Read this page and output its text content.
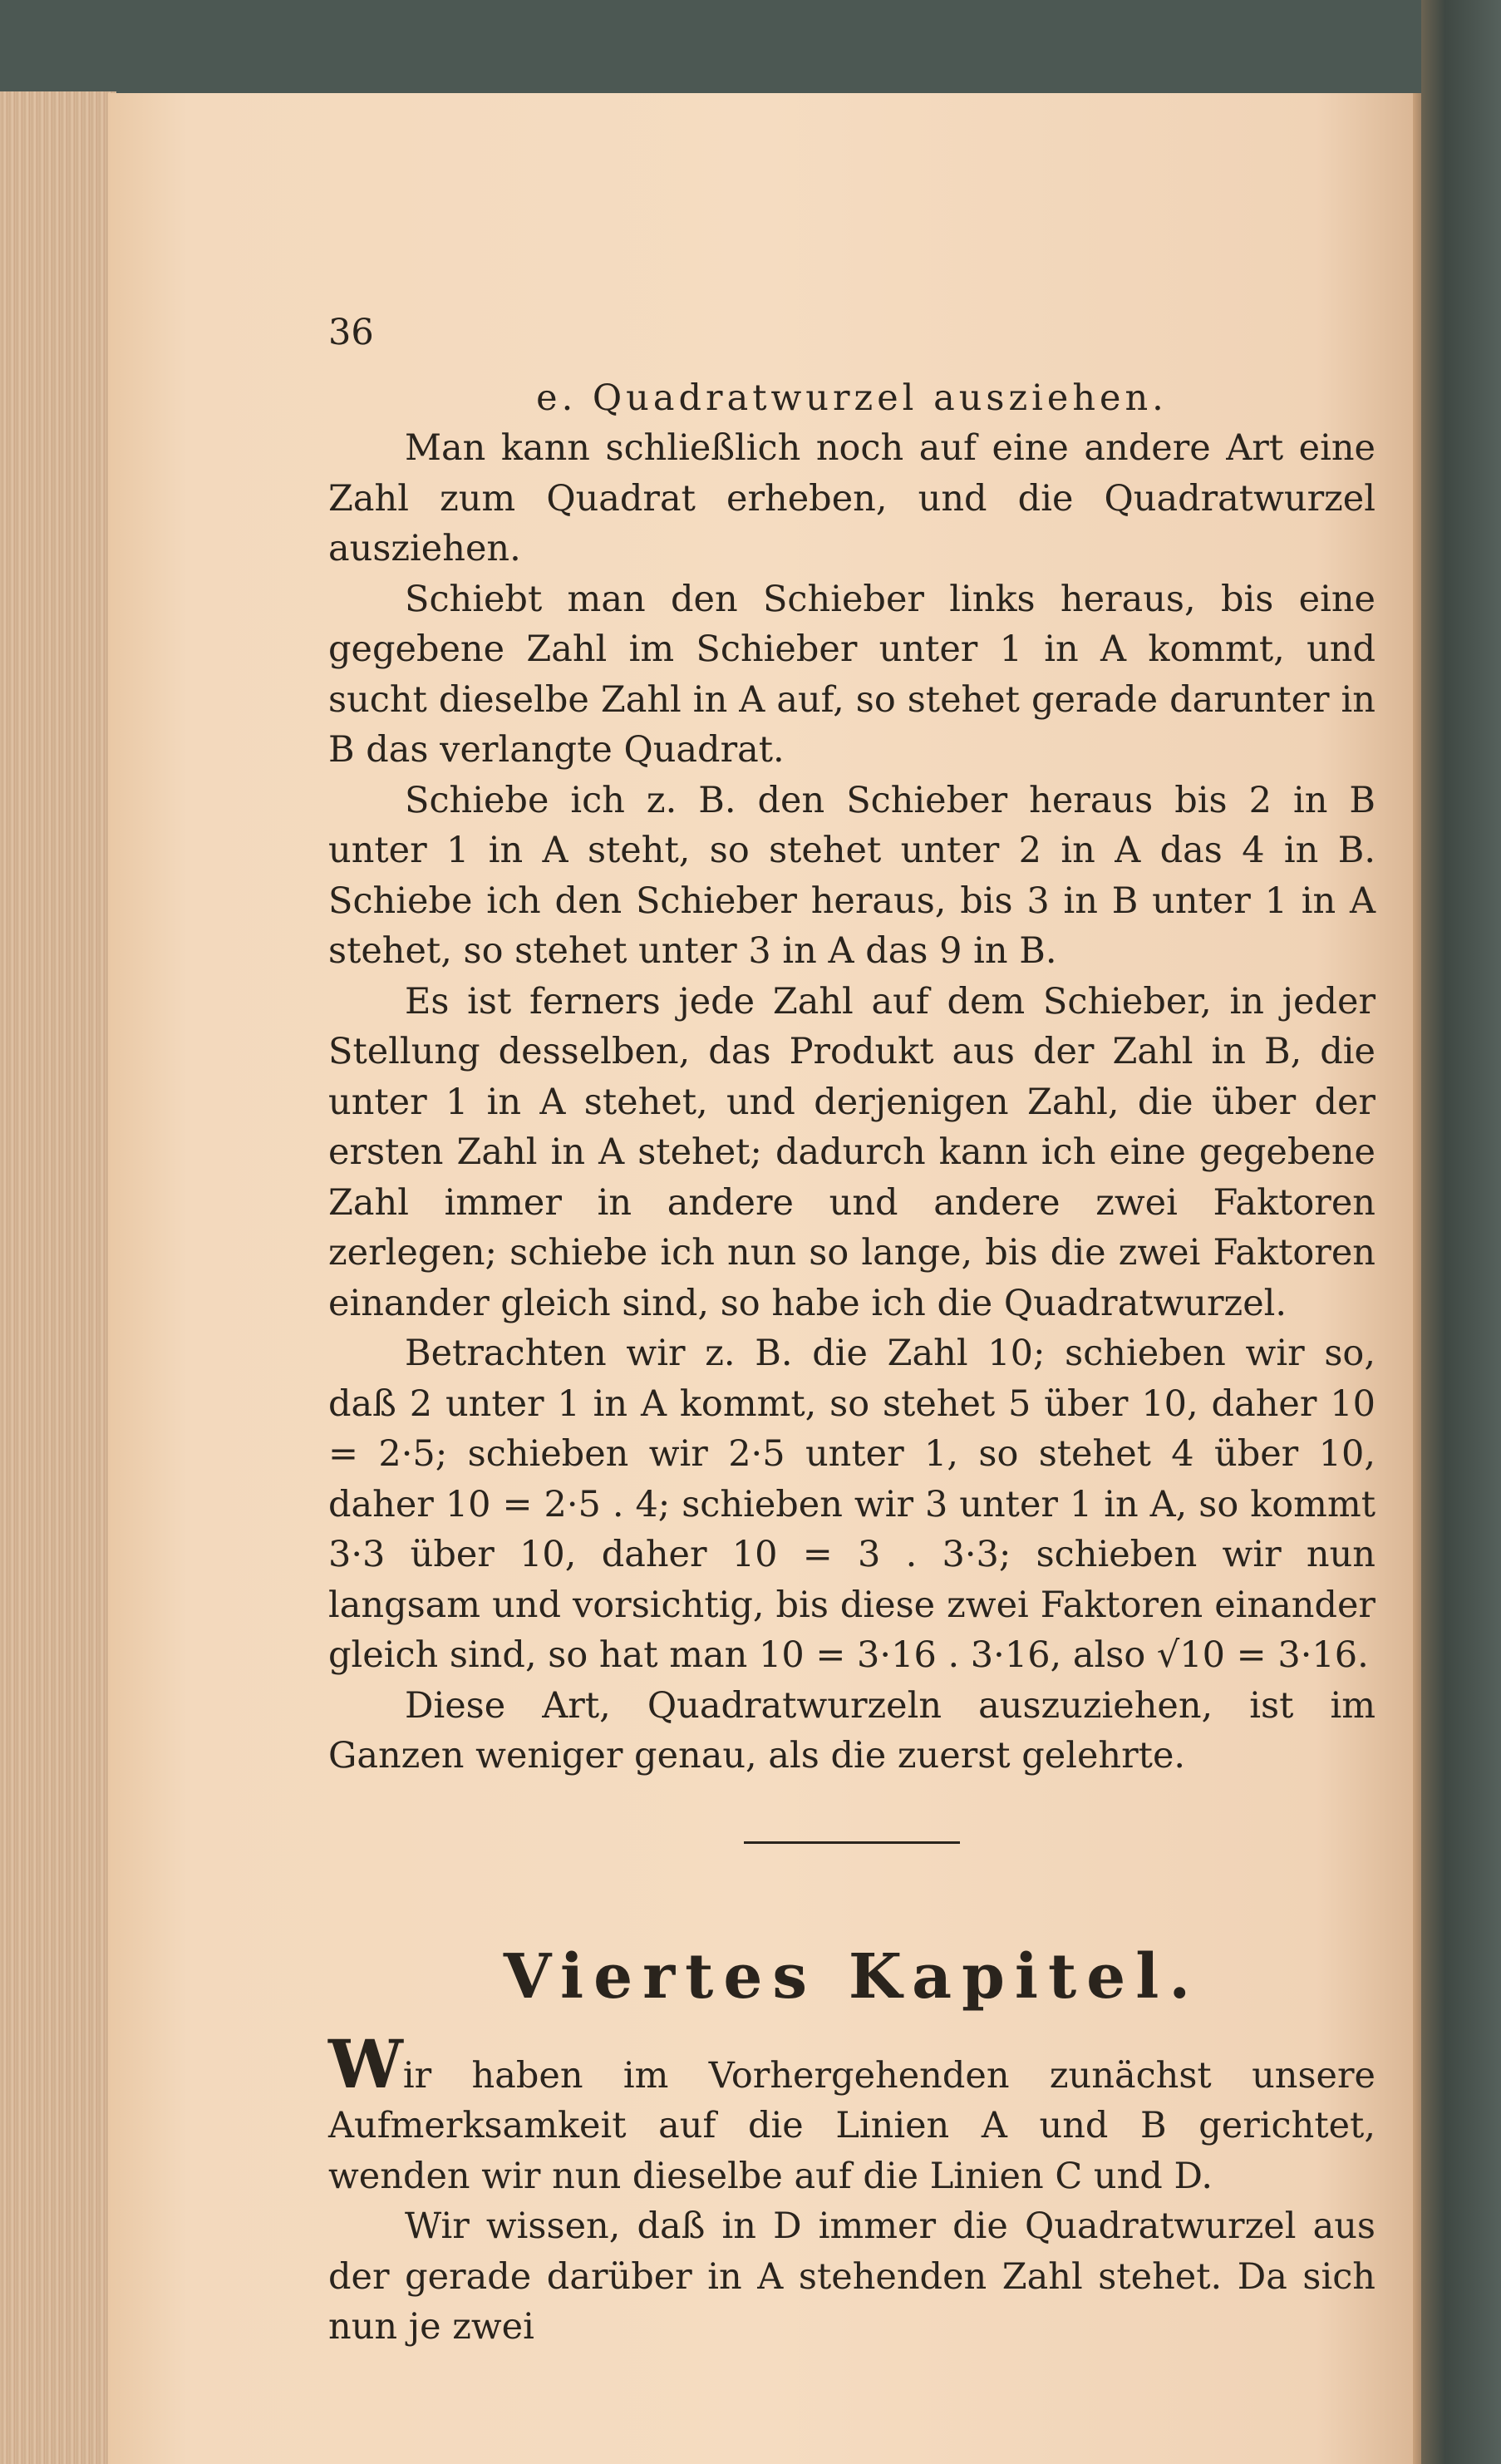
36
e. Quadratwurzel ausziehen.

Man kann schließlich noch auf eine andere Art eine Zahl zum Quadrat erheben, und die Quadratwurzel ausziehen.

Schiebt man den Schieber links heraus, bis eine gegebene Zahl im Schieber unter 1 in A kommt, und sucht dieselbe Zahl in A auf, so stehet gerade darunter in B das verlangte Quadrat.

Schiebe ich z. B. den Schieber heraus bis 2 in B unter 1 in A steht, so stehet unter 2 in A das 4 in B. Schiebe ich den Schieber heraus, bis 3 in B unter 1 in A stehet, so stehet unter 3 in A das 9 in B.

Es ist ferners jede Zahl auf dem Schieber, in jeder Stellung desselben, das Produkt aus der Zahl in B, die unter 1 in A stehet, und derjenigen Zahl, die über der ersten Zahl in A stehet; dadurch kann ich eine gegebene Zahl immer in andere und andere zwei Faktoren zerlegen; schiebe ich nun so lange, bis die zwei Faktoren einander gleich sind, so habe ich die Quadratwurzel.

Betrachten wir z. B. die Zahl 10; schieben wir so, daß 2 unter 1 in A kommt, so stehet 5 über 10, daher 10 = 2·5; schieben wir 2·5 unter 1, so stehet 4 über 10, daher 10 = 2·5 . 4; schieben wir 3 unter 1 in A, so kommt 3·3 über 10, daher 10 = 3 . 3·3; schieben wir nun langsam und vorsichtig, bis diese zwei Faktoren einander gleich sind, so hat man 10 = 3·16 . 3·16, also √10 = 3·16.

Diese Art, Quadratwurzeln auszuziehen, ist im Ganzen weniger genau, als die zuerst gelehrte.

Viertes Kapitel.

Wir haben im Vorhergehenden zunächst unsere Aufmerksamkeit auf die Linien A und B gerichtet, wenden wir nun dieselbe auf die Linien C und D.

Wir wissen, daß in D immer die Quadratwurzel aus der gerade darüber in A stehenden Zahl stehet. Da sich nun je zwei
